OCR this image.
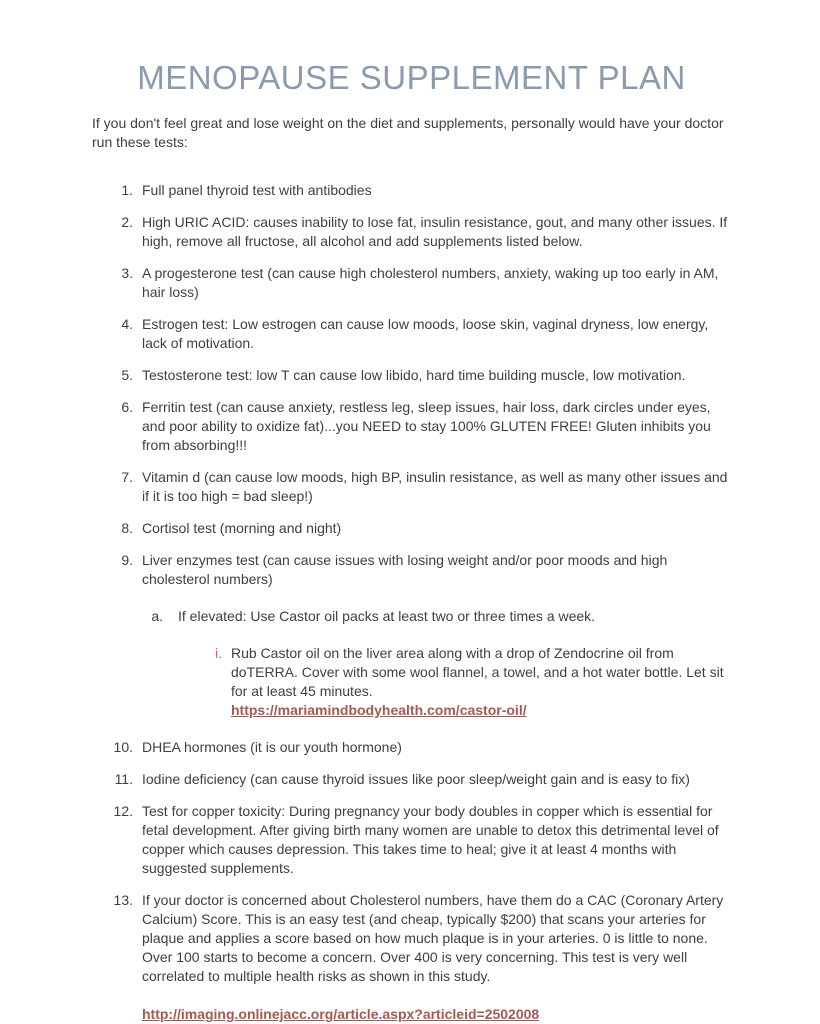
MENOPAUSE SUPPLEMENT PLAN

If you don't feel great and lose weight on the diet and supplements, personally would have your doctor run these tests:

1. Full panel thyroid test with antibodies
2. High URIC ACID: causes inability to lose fat, insulin resistance, gout, and many other issues. If high, remove all fructose, all alcohol and add supplements listed below.
3. A progesterone test (can cause high cholesterol numbers, anxiety, waking up too early in AM, hair loss)
4. Estrogen test: Low estrogen can cause low moods, loose skin, vaginal dryness, low energy, lack of motivation.
5. Testosterone test: low T can cause low libido, hard time building muscle, low motivation.
6. Ferritin test (can cause anxiety, restless leg, sleep issues, hair loss, dark circles under eyes, and poor ability to oxidize fat)...you NEED to stay 100% GLUTEN FREE! Gluten inhibits you from absorbing!!!
7. Vitamin d (can cause low moods, high BP, insulin resistance, as well as many other issues and if it is too high = bad sleep!)
8. Cortisol test (morning and night)
9. Liver enzymes test (can cause issues with losing weight and/or poor moods and high cholesterol numbers)
a.	If elevated: Use Castor oil packs at least two or three times a week.
i. Rub Castor oil on the liver area along with a drop of Zendocrine oil from doTERRA. Cover with some wool flannel, a towel, and a hot water bottle. Let sit for at least 45 minutes.
https://mariamindbodyhealth.com/castor-oil/
10. DHEA hormones (it is our youth hormone)
11. Iodine deficiency (can cause thyroid issues like poor sleep/weight gain and is easy to fix)
12. Test for copper toxicity: During pregnancy your body doubles in copper which is essential for fetal development. After giving birth many women are unable to detox this detrimental level of copper which causes depression. This takes time to heal; give it at least 4 months with suggested supplements.
13. If your doctor is concerned about Cholesterol numbers, have them do a CAC (Coronary Artery Calcium) Score. This is an easy test (and cheap, typically $200) that scans your arteries for plaque and applies a score based on how much plaque is in your arteries. 0 is little to none. Over 100 starts to become a concern. Over 400 is very concerning. This test is very well correlated to multiple health risks as shown in this study.

http://imaging.onlinejacc.org/article.aspx?articleid=2502008
